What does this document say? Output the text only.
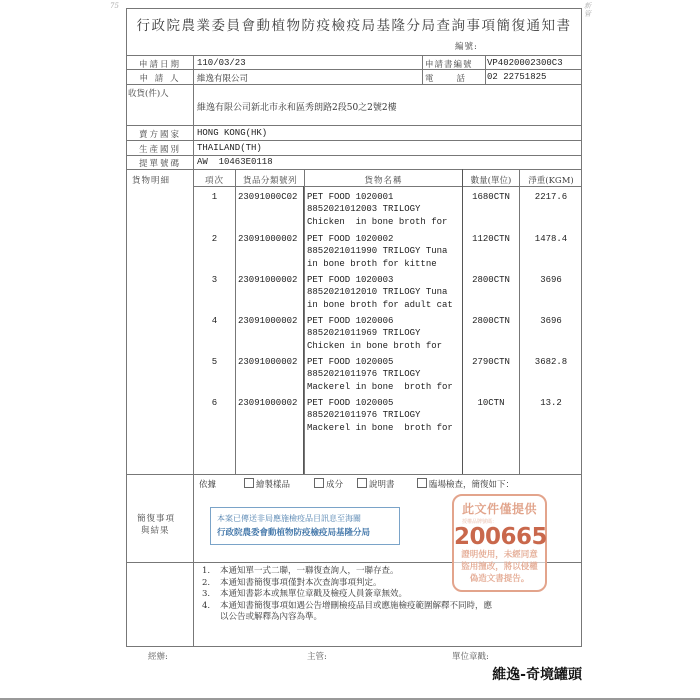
75	新管
行政院農業委員會動植物防疫檢疫局基隆分局查詢事項簡復通知書
編號:
申請日期	110/03/23	申請書編號 VP4020002300C3
申 請 人	維逸有限公司	電　　話 02 22751825
收貨(件)人
維逸有限公司新北市永和區秀朗路2段50之2號2樓
賣方國家	HONG KONG(HK)
生產國別	THAILAND(TH)
提單號碼	AW  10463E0118
貨物明細	項次	貨品分類號列	貨物名稱	數量(單位)	淨重(KGM)
1	23091000C02 PET FOOD 1020001
8852021012003 TRILOGY
Chicken  in bone broth for
1680CTN	2217.6
2	23091000002 PET FOOD 1020002
8852021011990 TRILOGY Tuna
in bone broth for kittne
1120CTN	1478.4
3	23091000002 PET FOOD 1020003
8852021012010 TRILOGY Tuna
in bone broth for adult cat
2800CTN	3696
4	23091000002 PET FOOD 1020006
8852021011969 TRILOGY
Chicken in bone broth for
2800CTN	3696
5	23091000002 PET FOOD 1020005
8852021011976 TRILOGY
Mackerel in bone  broth for
2790CTN	3682.8
6	23091000002 PET FOOD 1020005
8852021011976 TRILOGY
Mackerel in bone  broth for
10CTN	13.2
依據	繪製樣品	成分	說明書	臨場檢查，簡復如下：
簡復事項
與結果
本案已傳送非局應施檢疫品目訊息至海關
行政院農委會動植物防疫檢疫局基隆分局
1. 本通知單一式二聯，一聯復查詢人，一聯存查。
2. 本通知書簡復事項僅對本次查詢事項判定。
3. 本通知書影本或無單位章戳及檢疫人員簽章無效。
4. 本通知書簡復事項如遇公告增刪檢疫品目或應施檢疫範圍解釋不同時，應
以公告或解釋為內容為準。
此文件僅提供
授權品牌號碼：
200665
證明使用，未經同意
盜用擅改，將以侵權
偽造文書提告。
經辦:	主管:	單位章戳:
維逸-奇境罐頭
